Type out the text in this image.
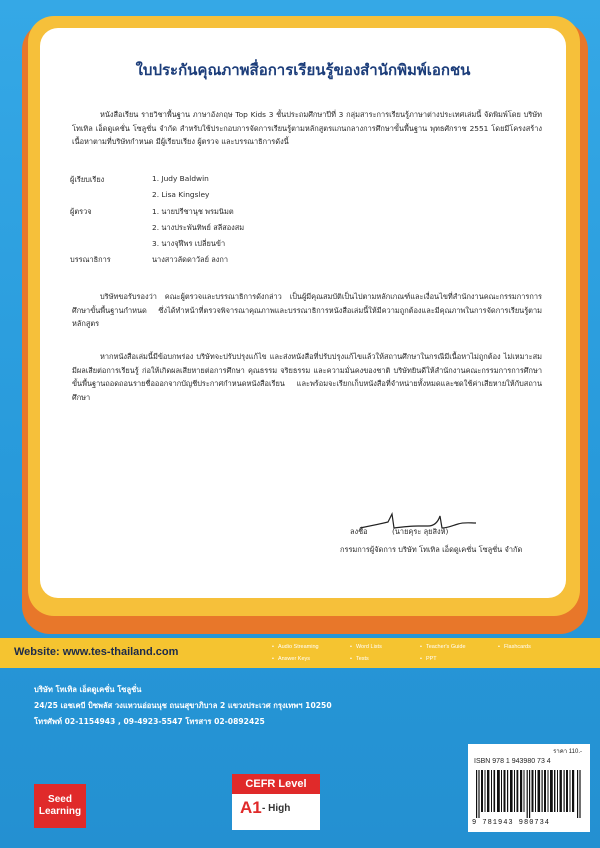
ใบประกันคุณภาพสื่อการเรียนรู้ของสำนักพิมพ์เอกชน
หนังสือเรียน รายวิชาพื้นฐาน ภาษาอังกฤษ Top Kids 3 ชั้นประถมศึกษาปีที่ 3 กลุ่มสาระการเรียนรู้ภาษาต่างประเทศเล่มนี้ จัดพิมพ์โดย บริษัท โทเทิล เอ็ดดูเคชั่น โซลูชั่น จำกัด สำหรับใช้ประกอบการจัดการเรียนรู้ตามหลักสูตรแกนกลางการศึกษาขั้นพื้นฐาน พุทธศักราช 2551 โดยมีโครงสร้างเนื้อหาตามที่บริษัทกำหนด มีผู้เรียบเรียง ผู้ตรวจ และบรรณาธิการดังนี้
ผู้เรียบเรียง	1. Judy Baldwin
2. Lisa Kingsley
ผู้ตรวจ	1. นายปรีชานุช พรมนิมต
2. นางประพันทิพย์ สลีสองสม
3. นางจุฬีพร เปลี่ยนข้า
บรรณาธิการ	นางสาวลัดดาวัลย์ ลงกา
บริษัทขอรับรองว่า คณะผู้ตรวจและบรรณาธิการดังกล่าว เป็นผู้มีคุณสมบัติเป็นไปตามหลักเกณฑ์และเงื่อนไขที่สำนักงานคณะกรรมการการศึกษาขั้นพื้นฐานกำหนด ซึ่งได้ทำหน้าที่ตรวจพิจารณาคุณภาพและบรรณาธิการหนังสือเล่มนี้ให้มีความถูกต้องและมีคุณภาพในการจัดการเรียนรู้ตามหลักสูตร
หากหนังสือเล่มนี้มีข้อบกพร่อง บริษัทจะปรับปรุงแก้ไข และส่งหนังสือที่ปรับปรุงแก้ไขแล้วให้สถานศึกษาในกรณีมีเนื้อหาไม่ถูกต้อง ไม่เหมาะสม มีผลเสียต่อการเรียนรู้ ก่อให้เกิดผลเสียหายต่อการศึกษา คุณธรรม จริยธรรม และความมั่นคงของชาติ บริษัทยินดีให้สำนักงานคณะกรรมการการศึกษาขั้นพื้นฐานถอดถอนรายชื่อออกจากบัญชีประกาศกำหนดหนังสือเรียน และพร้อมจะเรียกเก็บหนังสือที่จำหน่ายทั้งหมดและชดใช้ค่าเสียหายให้กับสถานศึกษา
ลงชื่อ	(นายคุระ ลุยสิงห์)
กรรมการผู้จัดการ บริษัท โทเทิล เอ็ดดูเคชั่น โซลูชั่น จำกัด
Website: www.tes-thailand.com	• Audio Streaming	• Word Lists	• Teacher's Guide	• Flashcards
• Answer Keys	• Tests	• PPT
บริษัท โทเทิล เอ็ดดูเคชั่น โซลูชั่น
24/25 เอชเคบี บิซพลัส วงแหวนอ่อนนุช ถนนสุขาภิบาล 2 แขวงประเวศ กรุงเทพฯ 10250
โทรศัพท์ 02-1154943 , 09-4923-5547 โทรสาร 02-0892425
Seed
Learning
CEFR Level
A1 - High
ราคา 110.-
ISBN 978 1 943980 73 4
9 781943 980734
